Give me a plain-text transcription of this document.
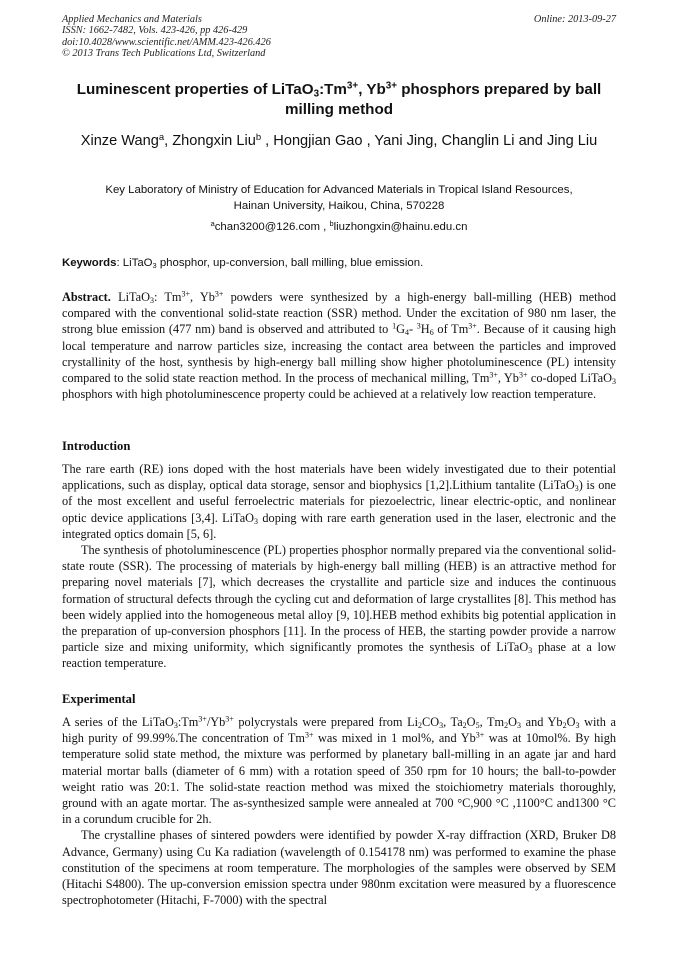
Applied Mechanics and Materials
ISSN: 1662-7482, Vols. 423-426, pp 426-429
doi:10.4028/www.scientific.net/AMM.423-426.426
© 2013 Trans Tech Publications Ltd, Switzerland
Online: 2013-09-27
Luminescent properties of $LiTaO_3:Tm^{3+}$, $Yb^{3+}$ phosphors prepared by ball milling method
Xinze Wang$^a$, Zhongxin Liu$^b$ , Hongjian Gao , Yani Jing, Changlin Li and Jing Liu
Key Laboratory of Ministry of Education for Advanced Materials in Tropical Island Resources,
Hainan University, Haikou, China, 570228
$^a$chan3200@126.com , $^b$liuzhongxin@hainu.edu.cn
Keywords: LiTaO$_3$ phosphor, up-conversion, ball milling, blue emission.

Abstract. LiTaO$_3$: $Tm^{3+}$, $Yb^{3+}$ powders were synthesized by a high-energy ball-milling (HEB) method compared with the conventional solid-state reaction (SSR) method. Under the excitation of 980 nm laser, the strong blue emission (477 nm) band is observed and attributed to $^1G_4-$ $^3H_6$ of $Tm^{3+}$. Because of it causing high local temperature and narrow particles size, increasing the contact area between the particles and improved crystallinity of the host, synthesis by high-energy ball milling show higher photoluminescence (PL) intensity compared to the solid state reaction method. In the process of mechanical milling, $Tm^{3+}$, $Yb^{3+}$ co-doped LiTaO$_3$ phosphors with high photoluminescence property could be achieved at a relatively low reaction temperature.

Introduction

The rare earth (RE) ions doped with the host materials have been widely investigated due to their potential applications, such as display, optical data storage, sensor and biophysics [1,2].Lithium tantalite (LiTaO$_3$) is one of the most excellent and useful ferroelectric materials for piezoelectric, linear electric-optic, and nonlinear optic device applications [3,4]. LiTaO$_3$ doping with rare earth generation used in the laser, electronic and the integrated optics domain [5, 6].

The synthesis of photoluminescence (PL) properties phosphor normally prepared via the conventional solid-state route (SSR). The processing of materials by high-energy ball milling (HEB) is an attractive method for preparing novel materials [7], which decreases the crystallite and particle size and induces the continuous formation of structural defects through the cycling cut and deformation of large crystallites [8]. This method has been widely applied into the homogeneous metal alloy [9, 10].HEB method exhibits big potential application in the preparation of up-conversion phosphors [11]. In the process of HEB, the starting powder provide a narrow particle size and mixing uniformity, which significantly promotes the synthesis of LiTaO$_3$ phase at a low reaction temperature.

Experimental

A series of the $LiTaO_3:Tm^{3+}/Yb^{3+}$ polycrystals were prepared from $Li_2CO_3$, $Ta_2O_5$, $Tm_2O_3$ and $Yb_2O_3$ with a high purity of 99.99%.The concentration of $Tm^{3+}$ was mixed in 1 mol%, and $Yb^{3+}$ was at 10mol%. By high temperature solid state method, the mixture was performed by planetary ball-milling in an agate jar and hard material mortar balls (diameter of 6 mm) with a rotation speed of 350 rpm for 10 hours; the ball-to-powder weight ratio was 20:1. The solid-state reaction method was mixed the stoichiometry materials thoroughly, ground with an agate mortar. The as-synthesized sample were annealed at 700 °C,900 °C ,1100°C and1300 °C in a corundum crucible for 2h.

The crystalline phases of sintered powders were identified by powder X-ray diffraction (XRD, Bruker D8 Advance, Germany) using Cu Ka radiation (wavelength of 0.154178 nm) was performed to examine the phase constitution of the specimens at room temperature. The morphologies of the samples were observed by SEM (Hitachi S4800). The up-conversion emission spectra under 980nm excitation were measured by a fluorescence spectrophotometer (Hitachi, F-7000) with the spectral
